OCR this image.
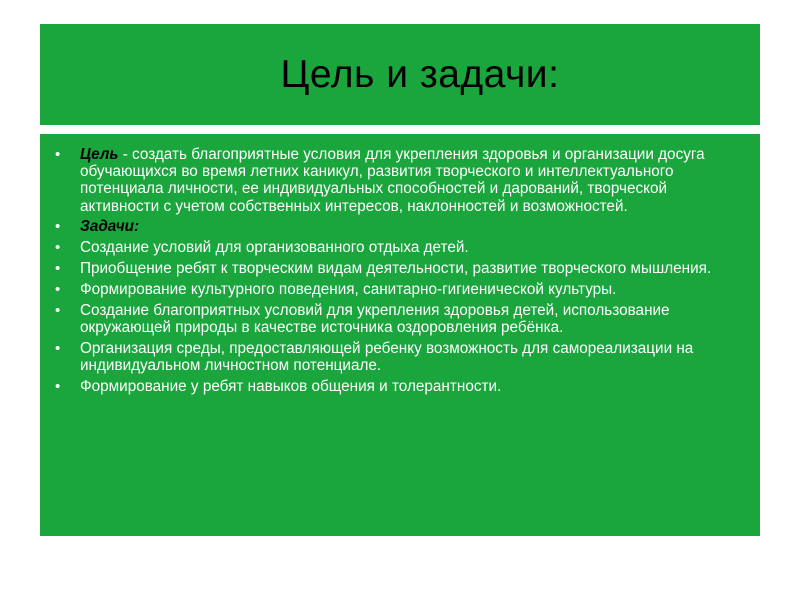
Цель и задачи:
• Цель - создать благоприятные условия для укрепления здоровья и организации досуга обучающихся во время летних каникул, развития творческого и интеллектуального потенциала личности, ее индивидуальных способностей и дарований, творческой активности с учетом собственных интересов, наклонностей и возможностей.
• Задачи:
• Создание условий для организованного отдыха детей.
• Приобщение ребят к творческим видам деятельности, развитие творческого мышления.
• Формирование культурного поведения, санитарно-гигиенической культуры.
• Создание благоприятных условий для укрепления здоровья детей, использование окружающей природы в качестве источника оздоровления ребёнка.
• Организация среды, предоставляющей ребенку возможность для самореализации на индивидуальном личностном потенциале.
• Формирование у ребят навыков общения и толерантности.
